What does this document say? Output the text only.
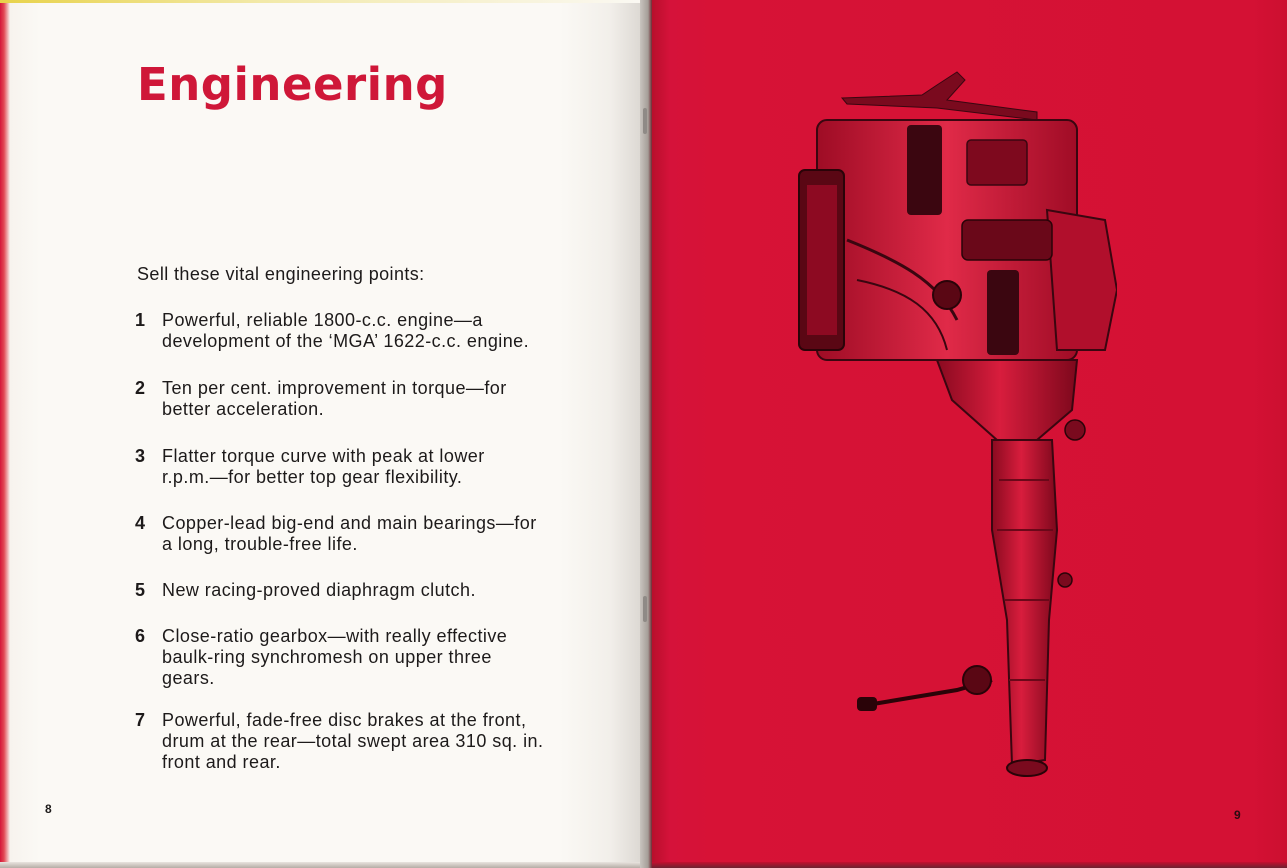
Engineering
Sell these vital engineering points:
1 Powerful, reliable 1800-c.c. engine—a
development of the ‘MGA’ 1622-c.c. engine.
2 Ten per cent. improvement in torque—for
better acceleration.
3 Flatter torque curve with peak at lower
r.p.m.—for better top gear flexibility.
4 Copper-lead big-end and main bearings—for
a long, trouble-free life.
5 New racing-proved diaphragm clutch.
6 Close-ratio gearbox—with really effective
baulk-ring synchromesh on upper three
gears.
7 Powerful, fade-free disc brakes at the front,
drum at the rear—total swept area 310 sq. in.
front and rear.
8	9
